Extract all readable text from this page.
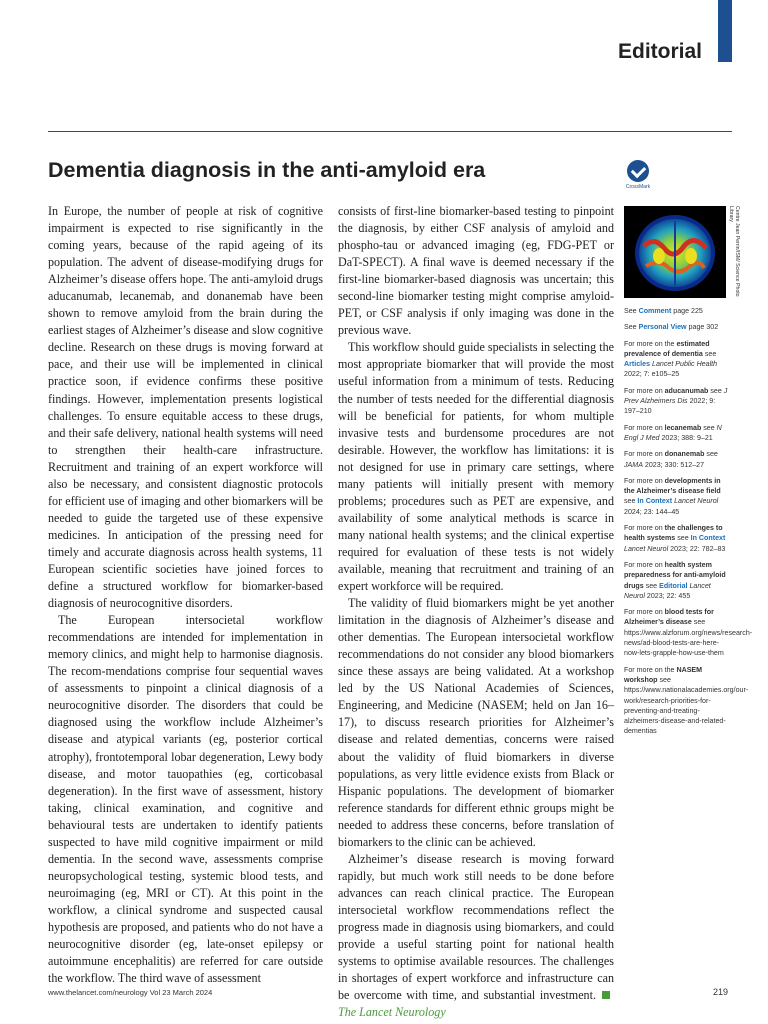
Editorial
Dementia diagnosis in the anti-amyloid era
CrossMark

In Europe, the number of people at risk of cognitive impairment is expected to rise significantly in the coming years, because of the rapid ageing of its population. The advent of disease-modifying drugs for Alzheimer’s disease offers hope. The anti-amyloid drugs aducanumab, lecanemab, and donanemab have been shown to remove amyloid from the brain during the earliest stages of Alzheimer’s disease and slow cognitive decline. Research on these drugs is moving forward at pace, and their use will be implemented in clinical practice soon, if evidence confirms these positive findings. However, implementation presents logistical challenges. To ensure equitable access to these drugs, and their safe delivery, national health systems will need to strengthen their health-care infrastructure. Recruitment and training of an expert workforce will also be necessary, and consistent diagnostic protocols for efficient use of imaging and other biomarkers will be needed to guide the targeted use of these expensive medicines. In anticipation of the pressing need for timely and accurate diagnosis across health systems, 11 European scientific societies have joined forces to define a structured workflow for biomarker-based diagnosis of neurocognitive disorders.

The European intersocietal workflow recommendations are intended for implementation in memory clinics, and might help to harmonise diagnosis. The recom-mendations comprise four sequential waves of assessments to pinpoint a clinical diagnosis of a neurocognitive disorder. The disorders that could be diagnosed using the workflow include Alzheimer’s disease and atypical variants (eg, posterior cortical atrophy), frontotemporal lobar degeneration, Lewy body disease, and motor tauopathies (eg, corticobasal degeneration). In the first wave of assessment, history taking, clinical examination, and cognitive and behavioural tests are undertaken to identify patients suspected to have mild cognitive impairment or mild dementia. In the second wave, assessments comprise neuropsychological testing, systemic blood tests, and neuroimaging (eg, MRI or CT). At this point in the workflow, a clinical syndrome and suspected causal hypothesis are proposed, and patients who do not have a neurocognitive disorder (eg, late-onset epilepsy or autoimmune encephalitis) are referred for care outside the workflow. The third wave of assessment

consists of first-line biomarker-based testing to pinpoint the diagnosis, by either CSF analysis of amyloid and phospho-tau or advanced imaging (eg, FDG-PET or DaT-SPECT). A final wave is deemed necessary if the first-line biomarker-based diagnosis was uncertain; this second-line biomarker testing might comprise amyloid-PET, or CSF analysis if only imaging was done in the previous wave.

This workflow should guide specialists in selecting the most appropriate biomarker that will provide the most useful information from a minimum of tests. Reducing the number of tests needed for the differential diagnosis will be beneficial for patients, for whom multiple invasive tests and burdensome procedures are not desirable. However, the workflow has limitations: it is not designed for use in primary care settings, where many patients will initially present with memory problems; procedures such as PET are expensive, and availability of some analytical methods is scarce in many national health systems; and the clinical expertise required for evaluation of these tests is not widely available, meaning that recruitment and training of an expert workforce will be required.

The validity of fluid biomarkers might be yet another limitation in the diagnosis of Alzheimer’s disease and other dementias. The European intersocietal workflow recommendations do not consider any blood biomarkers since these assays are being validated. At a workshop led by the US National Academies of Sciences, Engineering, and Medicine (NASEM; held on Jan 16–17), to discuss research priorities for Alzheimer’s disease and related dementias, concerns were raised about the validity of fluid biomarkers in diverse populations, as very little evidence exists from Black or Hispanic populations. The development of biomarker reference standards for different ethnic groups might be needed to address these concerns, before translation of biomarkers to the clinic can be achieved.

Alzheimer’s disease research is moving forward rapidly, but much work still needs to be done before advances can reach clinical practice. The European intersocietal workflow recommendations reflect the progress made in diagnosis using biomarkers, and could provide a useful starting point for national health systems to optimise available resources. The challenges in shortages of expert workforce and infrastructure can be overcome with time, and substantial investment.The Lancet Neurology

Centre Jean Perrin/ISM/ Science Photo Library

See Comment page 225

See Personal View page 302

For more on the estimated prevalence of dementia see Articles Lancet Public Health 2022; 7: e105–25

For more on aducanumab see J Prev Alzheimers Dis 2022; 9: 197–210

For more on lecanemab see N Engl J Med 2023; 388: 9–21

For more on donanemab see JAMA 2023; 330: 512–27

For more on developments in the Alzheimer’s disease field see In Context Lancet Neurol 2024; 23: 144–45

For more on the challenges to health systems see In Context Lancet Neurol 2023; 22: 782–83

For more on health system preparedness for anti-amyloid drugs see Editorial Lancet Neurol 2023; 22: 455

For more on blood tests for Alzheimer’s disease see https://www.alzforum.org/news/research-news/ad-blood-tests-are-here-now-lets-grapple-how-use-them

For more on the NASEM workshop see https://www.nationalacademies.org/our-work/research-priorities-for-preventing-and-treating-alzheimers-disease-and-related-dementias

www.thelancet.com/neurology Vol 23 March 2024	219
